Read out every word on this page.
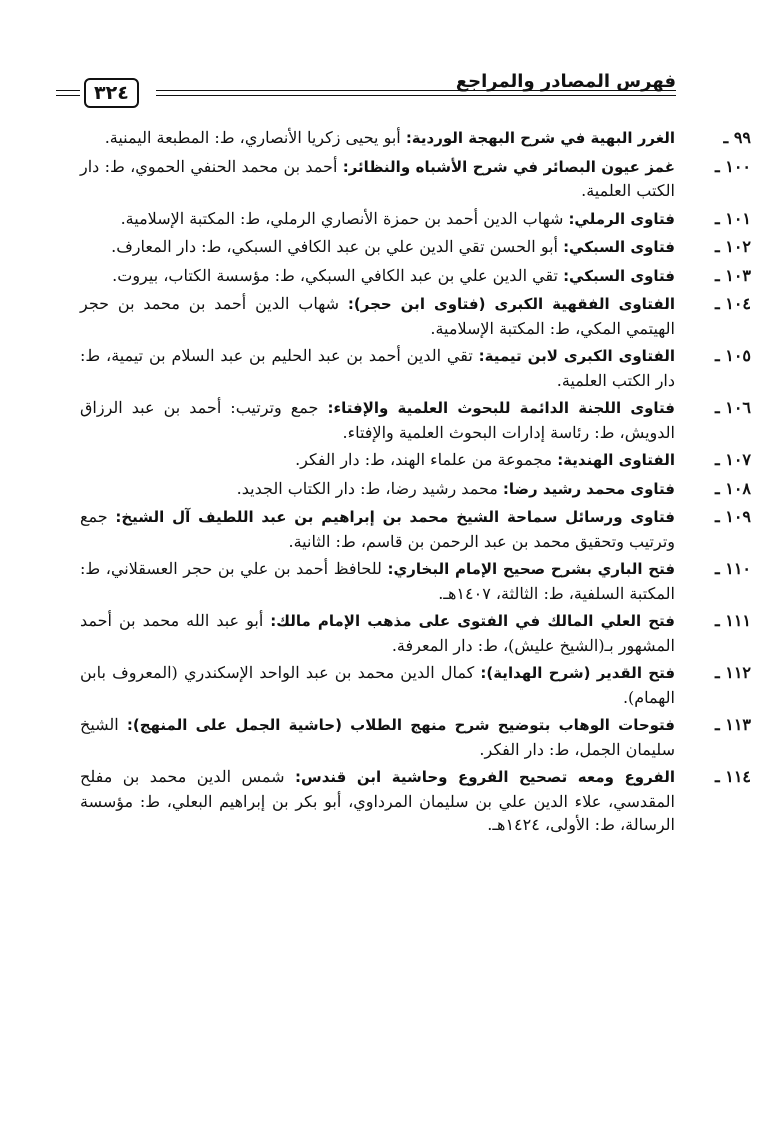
فهرس المصادر والمراجع
٣٢٤
٩٩ ـ
الغرر البهية في شرح البهجة الوردية: أبو يحيى زكريا الأنصاري، ط: المطبعة اليمنية.
١٠٠ ـ
غمز عيون البصائر في شرح الأشباه والنظائر: أحمد بن محمد الحنفي الحموي، ط: دار الكتب العلمية.
١٠١ ـ
فتاوى الرملي: شهاب الدين أحمد بن حمزة الأنصاري الرملي، ط: المكتبة الإسلامية.
١٠٢ ـ
فتاوى السبكي: أبو الحسن تقي الدين علي بن عبد الكافي السبكي، ط: دار المعارف.
١٠٣ ـ
فتاوى السبكي: تقي الدين علي بن عبد الكافي السبكي، ط: مؤسسة الكتاب، بيروت.
١٠٤ ـ
الفتاوى الفقهية الكبرى (فتاوى ابن حجر): شهاب الدين أحمد بن محمد بن حجر الهيتمي المكي، ط: المكتبة الإسلامية.
١٠٥ ـ
الفتاوى الكبرى لابن تيمية: تقي الدين أحمد بن عبد الحليم بن عبد السلام بن تيمية، ط: دار الكتب العلمية.
١٠٦ ـ
فتاوى اللجنة الدائمة للبحوث العلمية والإفتاء: جمع وترتيب: أحمد بن عبد الرزاق الدويش، ط: رئاسة إدارات البحوث العلمية والإفتاء.
١٠٧ ـ
الفتاوى الهندية: مجموعة من علماء الهند، ط: دار الفكر.
١٠٨ ـ
فتاوى محمد رشيد رضا: محمد رشيد رضا، ط: دار الكتاب الجديد.
١٠٩ ـ
فتاوى ورسائل سماحة الشيخ محمد بن إبراهيم بن عبد اللطيف آل الشيخ: جمع وترتيب وتحقيق محمد بن عبد الرحمن بن قاسم، ط: الثانية.
١١٠ ـ
فتح الباري بشرح صحيح الإمام البخاري: للحافظ أحمد بن علي بن حجر العسقلاني، ط: المكتبة السلفية، ط: الثالثة، ١٤٠٧هـ.
١١١ ـ
فتح العلي المالك في الفتوى على مذهب الإمام مالك: أبو عبد الله محمد بن أحمد المشهور بـ(الشيخ عليش)، ط: دار المعرفة.
١١٢ ـ
فتح القدير (شرح الهداية): كمال الدين محمد بن عبد الواحد الإسكندري (المعروف بابن الهمام).
١١٣ ـ
فتوحات الوهاب بتوضيح شرح منهج الطلاب (حاشية الجمل على المنهج): الشيخ سليمان الجمل، ط: دار الفكر.
١١٤ ـ
الفروع ومعه تصحيح الفروع وحاشية ابن قندس: شمس الدين محمد بن مفلح المقدسي، علاء الدين علي بن سليمان المرداوي، أبو بكر بن إبراهيم البعلي، ط: مؤسسة الرسالة، ط: الأولى، ١٤٢٤هـ.
